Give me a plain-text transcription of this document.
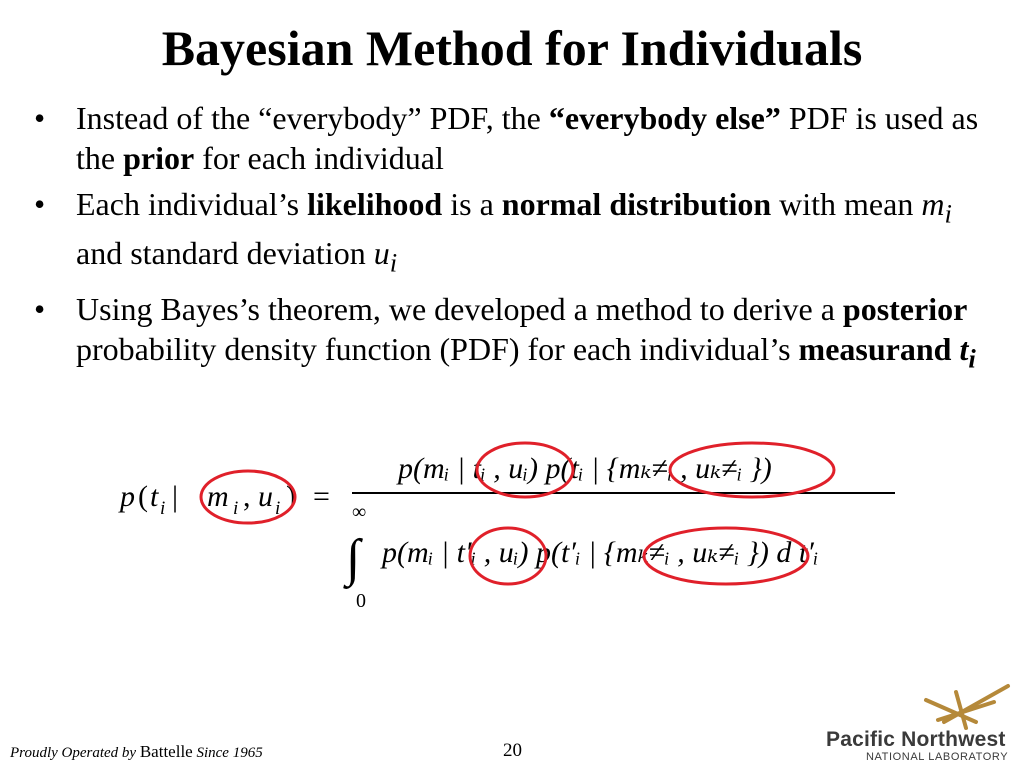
Bayesian Method for Individuals
• Instead of the “everybody” PDF, the “everybody else” PDF is used as the prior for each individual
• Each individual’s likelihood is a normal distribution with mean $m_i$ and standard deviation $u_i$
• Using Bayes’s theorem, we developed a method to derive a posterior probability density function (PDF) for each individual’s measurand $t_i$
p ( t i | m i , u i ) =
p(mᵢ | tᵢ , uᵢ) p(tᵢ | {mₖ≠ᵢ , uₖ≠ᵢ })
∞
∫
0
p(mᵢ | t′ᵢ , uᵢ) p(t′ᵢ | {mₖ≠ᵢ , uₖ≠ᵢ }) d t′ᵢ
Proudly Operated by Battelle Since 1965	20	Pacific Northwest
NATIONAL LABORATORY
